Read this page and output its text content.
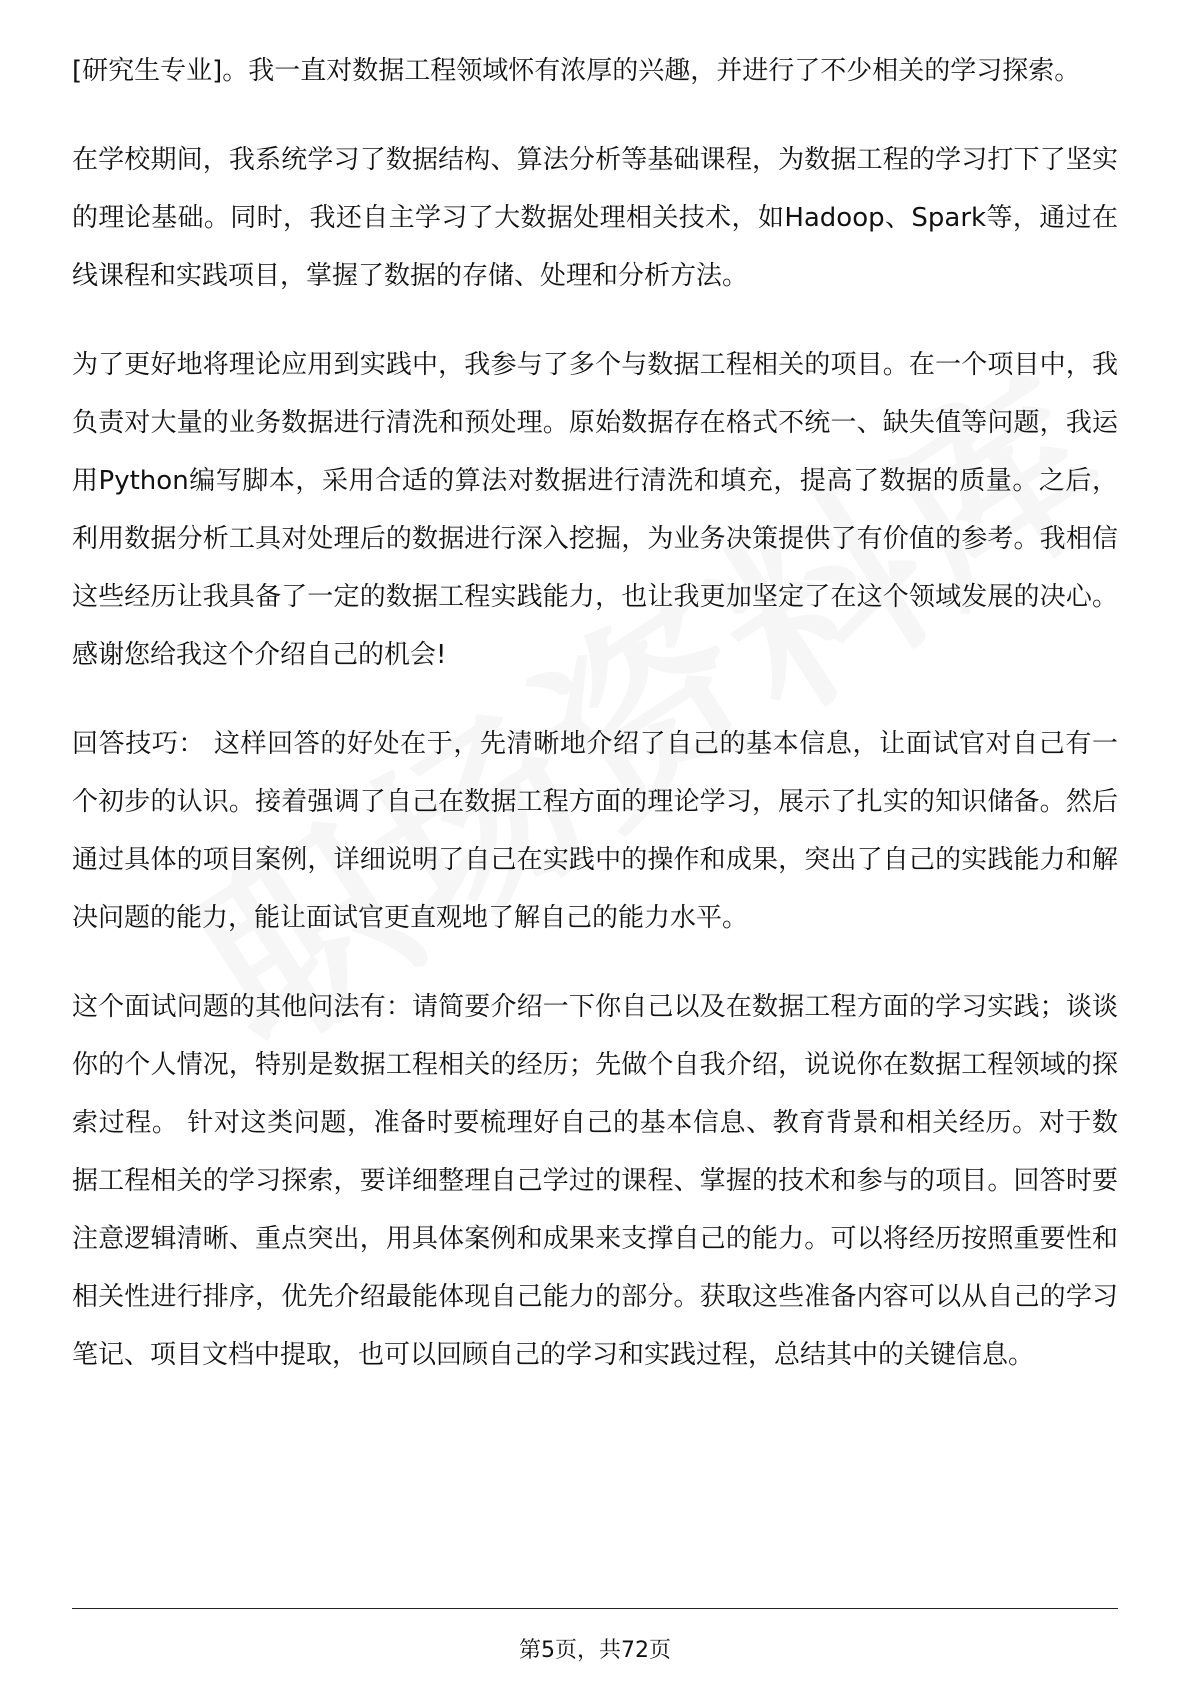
[研究生专业]。我一直对数据工程领域怀有浓厚的兴趣，并进行了不少相关的学习探索。

在学校期间，我系统学习了数据结构、算法分析等基础课程，为数据工程的学习打下了坚实的理论基础。同时，我还自主学习了大数据处理相关技术，如Hadoop、Spark等，通过在线课程和实践项目，掌握了数据的存储、处理和分析方法。

为了更好地将理论应用到实践中，我参与了多个与数据工程相关的项目。在一个项目中，我负责对大量的业务数据进行清洗和预处理。原始数据存在格式不统一、缺失值等问题，我运用Python编写脚本，采用合适的算法对数据进行清洗和填充，提高了数据的质量。之后，利用数据分析工具对处理后的数据进行深入挖掘，为业务决策提供了有价值的参考。我相信这些经历让我具备了一定的数据工程实践能力，也让我更加坚定了在这个领域发展的决心。感谢您给我这个介绍自己的机会!

回答技巧： 这样回答的好处在于，先清晰地介绍了自己的基本信息，让面试官对自己有一个初步的认识。接着强调了自己在数据工程方面的理论学习，展示了扎实的知识储备。然后通过具体的项目案例，详细说明了自己在实践中的操作和成果，突出了自己的实践能力和解决问题的能力，能让面试官更直观地了解自己的能力水平。

这个面试问题的其他问法有：请简要介绍一下你自己以及在数据工程方面的学习实践；谈谈你的个人情况，特别是数据工程相关的经历；先做个自我介绍，说说你在数据工程领域的探索过程。 针对这类问题，准备时要梳理好自己的基本信息、教育背景和相关经历。对于数据工程相关的学习探索，要详细整理自己学过的课程、掌握的技术和参与的项目。回答时要注意逻辑清晰、重点突出，用具体案例和成果来支撑自己的能力。可以将经历按照重要性和相关性进行排序，优先介绍最能体现自己能力的部分。获取这些准备内容可以从自己的学习笔记、项目文档中提取，也可以回顾自己的学习和实践过程，总结其中的关键信息。

第5页，共72页
